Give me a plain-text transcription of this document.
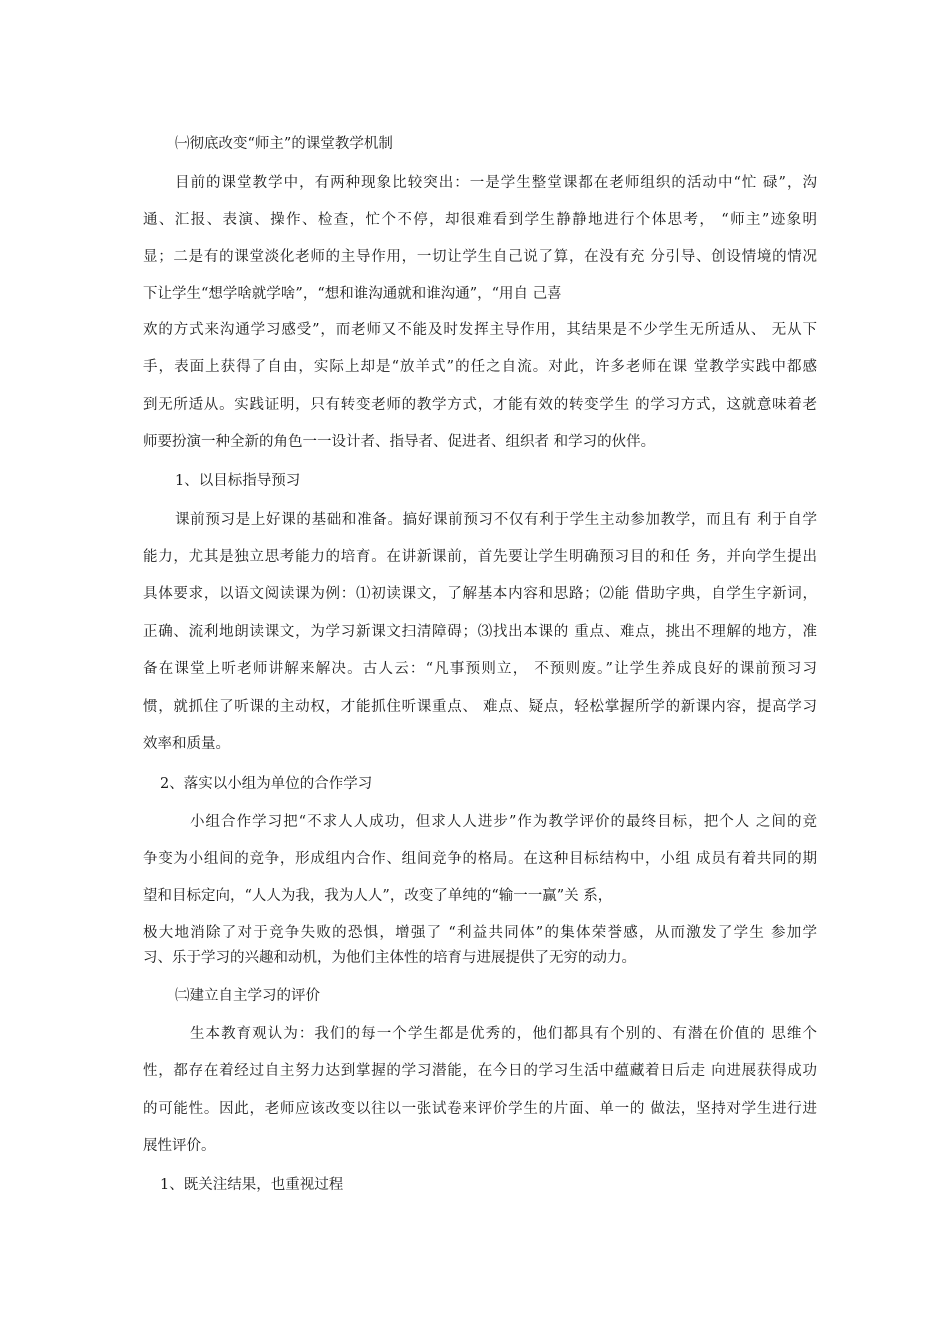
㈠彻底改变“师主”的课堂教学机制

目前的课堂教学中，有两种现象比较突出：一是学生整堂课都在老师组织的活动中“忙 碌”，沟

通、汇报、表演、操作、检查，忙个不停，却很难看到学生静静地进行个体思考， “师主”迹象明

显；二是有的课堂淡化老师的主导作用，一切让学生自己说了算，在没有充 分引导、创设情境的情况

下让学生“想学啥就学啥”，“想和谁沟通就和谁沟通”，“用自 己喜

欢的方式来沟通学习感受”，而老师又不能及时发挥主导作用，其结果是不少学生无所适从、 无从下

手，表面上获得了自由，实际上却是“放羊式”的任之自流。对此，许多老师在课 堂教学实践中都感

到无所适从。实践证明，只有转变老师的教学方式，才能有效的转变学生 的学习方式，这就意味着老

师要扮演一种全新的角色一一设计者、指导者、促进者、组织者 和学习的伙伴。

1、以目标指导预习

课前预习是上好课的基础和准备。搞好课前预习不仅有利于学生主动参加教学，而且有 利于自学

能力，尤其是独立思考能力的培育。在讲新课前，首先要让学生明确预习目的和任 务，并向学生提出

具体要求，以语文阅读课为例：⑴初读课文，了解基本内容和思路；⑵能 借助字典，自学生字新词，

正确、流利地朗读课文，为学习新课文扫清障碍；⑶找出本课的 重点、难点，挑出不理解的地方，准

备在课堂上听老师讲解来解决。古人云：“凡事预则立， 不预则废。”让学生养成良好的课前预习习

惯，就抓住了听课的主动权，才能抓住听课重点、 难点、疑点，轻松掌握所学的新课内容，提高学习

效率和质量。

2、落实以小组为单位的合作学习

小组合作学习把“不求人人成功，但求人人进步”作为教学评价的最终目标，把个人 之间的竞

争变为小组间的竞争，形成组内合作、组间竞争的格局。在这种目标结构中，小组 成员有着共同的期

望和目标定向，“人人为我，我为人人”，改变了单纯的“输一一赢”关 系，

极大地消除了对于竞争失败的恐惧，增强了 “利益共同体”的集体荣誉感，从而激发了学生 参加学

习、乐于学习的兴趣和动机，为他们主体性的培育与进展提供了无穷的动力。

㈡建立自主学习的评价

生本教育观认为：我们的每一个学生都是优秀的，他们都具有个别的、有潜在价值的 思维个

性，都存在着经过自主努力达到掌握的学习潜能，在今日的学习生活中蕴藏着日后走 向进展获得成功

的可能性。因此，老师应该改变以往以一张试卷来评价学生的片面、单一的 做法，坚持对学生进行进

展性评价。

1、既关注结果，也重视过程
